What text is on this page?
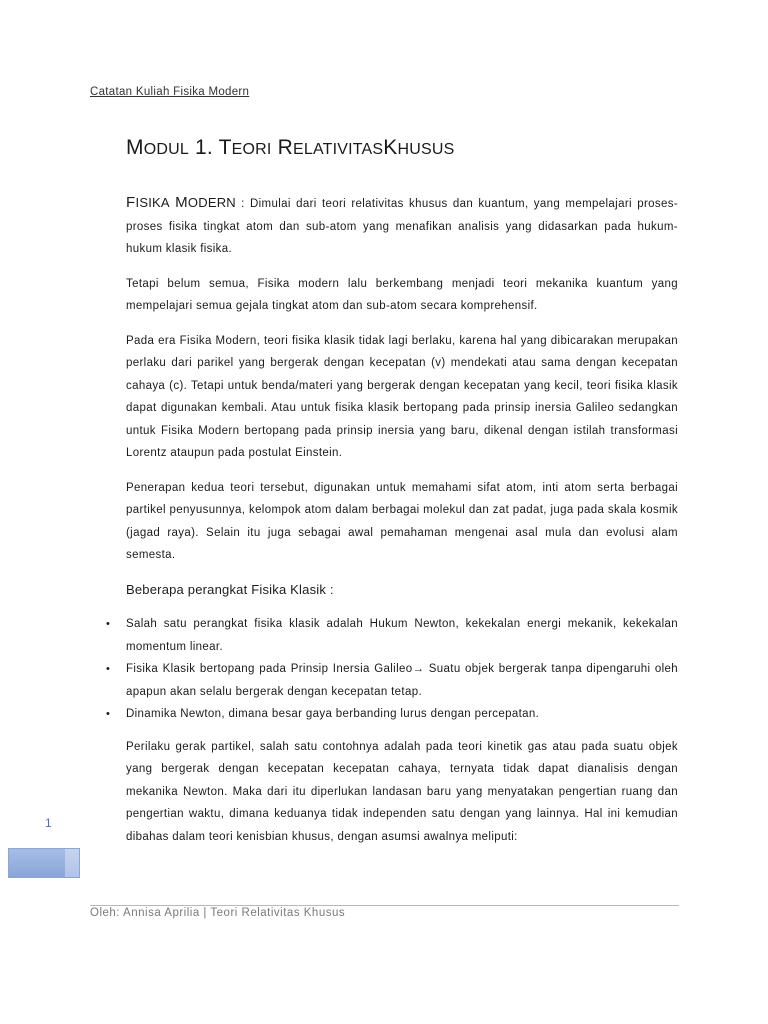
Catatan Kuliah Fisika Modern
MODUL 1. TEORI RELATIVITASKHUSUS

FISIKA MODERN : Dimulai dari teori relativitas khusus dan kuantum, yang mempelajari proses-proses fisika tingkat atom dan sub-atom yang menafikan analisis yang didasarkan pada hukum-hukum klasik fisika.

Tetapi belum semua, Fisika modern lalu berkembang menjadi teori mekanika kuantum yang mempelajari semua gejala tingkat atom dan sub-atom secara komprehensif.

Pada era Fisika Modern, teori fisika klasik tidak lagi berlaku, karena hal yang dibicarakan merupakan perlaku dari parikel yang bergerak dengan kecepatan (v) mendekati atau sama dengan kecepatan cahaya (c). Tetapi untuk benda/materi yang bergerak dengan kecepatan yang kecil, teori fisika klasik dapat digunakan kembali. Atau untuk fisika klasik bertopang pada prinsip inersia Galileo sedangkan untuk Fisika Modern bertopang pada prinsip inersia yang baru, dikenal dengan istilah transformasi Lorentz ataupun pada postulat Einstein.

Penerapan kedua teori tersebut, digunakan untuk memahami sifat atom, inti atom serta berbagai partikel penyusunnya, kelompok atom dalam berbagai molekul dan zat padat, juga pada skala kosmik (jagad raya). Selain itu juga sebagai awal pemahaman mengenai asal mula dan evolusi alam semesta.

Beberapa perangkat Fisika Klasik :

• Salah satu perangkat fisika klasik adalah Hukum Newton, kekekalan energi mekanik, kekekalan momentum linear.
• Fisika Klasik bertopang pada Prinsip Inersia Galileo→ Suatu objek bergerak tanpa dipengaruhi oleh apapun akan selalu bergerak dengan kecepatan tetap.
• Dinamika Newton, dimana besar gaya berbanding lurus dengan percepatan.

Perilaku gerak partikel, salah satu contohnya adalah pada teori kinetik gas atau pada suatu objek yang bergerak dengan kecepatan kecepatan cahaya, ternyata tidak dapat dianalisis dengan mekanika Newton. Maka dari itu diperlukan landasan baru yang menyatakan pengertian ruang dan pengertian waktu, dimana keduanya tidak independen satu dengan yang lainnya. Hal ini kemudian dibahas dalam teori kenisbian khusus, dengan asumsi awalnya meliputi:

1
Oleh: Annisa Aprilia | Teori Relativitas Khusus
